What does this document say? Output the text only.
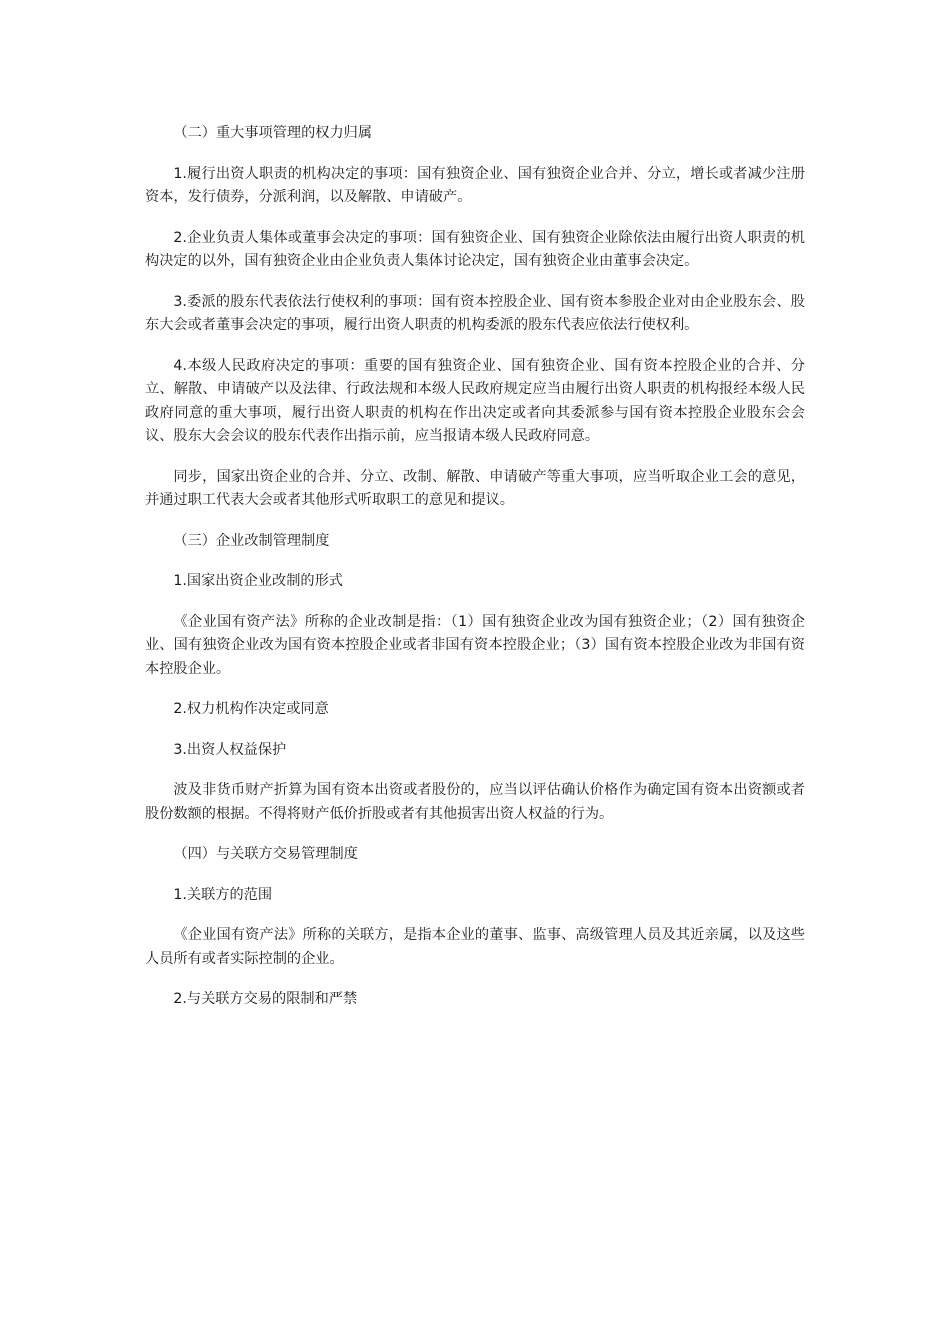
（二）重大事项管理的权力归属

1.履行出资人职责的机构决定的事项：国有独资企业、国有独资企业合并、分立，增长或者减少注册资本，发行债券，分派利润，以及解散、申请破产。

2.企业负责人集体或董事会决定的事项：国有独资企业、国有独资企业除依法由履行出资人职责的机构决定的以外，国有独资企业由企业负责人集体讨论决定，国有独资企业由董事会决定。

3.委派的股东代表依法行使权利的事项：国有资本控股企业、国有资本参股企业对由企业股东会、股东大会或者董事会决定的事项，履行出资人职责的机构委派的股东代表应依法行使权利。

4.本级人民政府决定的事项：重要的国有独资企业、国有独资企业、国有资本控股企业的合并、分立、解散、申请破产以及法律、行政法规和本级人民政府规定应当由履行出资人职责的机构报经本级人民政府同意的重大事项，履行出资人职责的机构在作出决定或者向其委派参与国有资本控股企业股东会会议、股东大会会议的股东代表作出指示前，应当报请本级人民政府同意。

同步，国家出资企业的合并、分立、改制、解散、申请破产等重大事项，应当听取企业工会的意见，并通过职工代表大会或者其他形式听取职工的意见和提议。

（三）企业改制管理制度

1.国家出资企业改制的形式

《企业国有资产法》所称的企业改制是指：（1）国有独资企业改为国有独资企业；（2）国有独资企业、国有独资企业改为国有资本控股企业或者非国有资本控股企业；（3）国有资本控股企业改为非国有资本控股企业。

2.权力机构作决定或同意

3.出资人权益保护

波及非货币财产折算为国有资本出资或者股份的，应当以评估确认价格作为确定国有资本出资额或者股份数额的根据。不得将财产低价折股或者有其他损害出资人权益的行为。

（四）与关联方交易管理制度

1.关联方的范围

《企业国有资产法》所称的关联方，是指本企业的董事、监事、高级管理人员及其近亲属，以及这些人员所有或者实际控制的企业。

2.与关联方交易的限制和严禁
